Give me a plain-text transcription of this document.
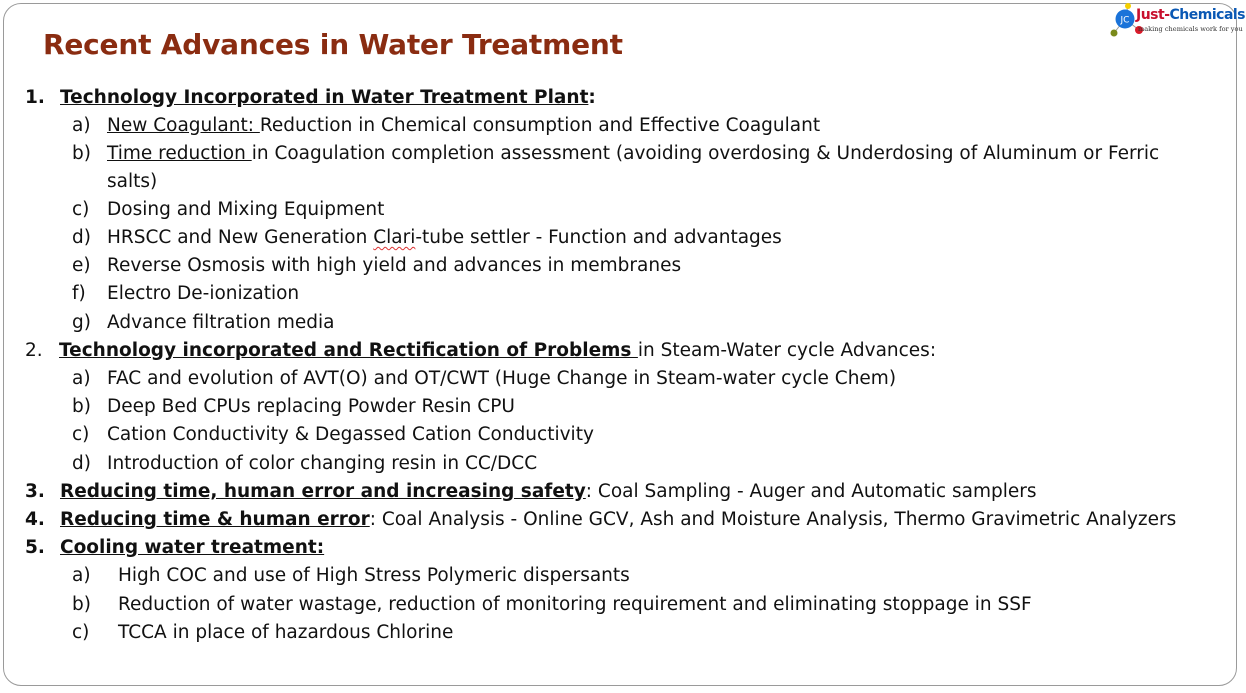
Recent Advances in Water Treatment
JC Just-Chemicals
making chemicals work for you
1. Technology Incorporated in Water Treatment Plant:
a) New Coagulant: Reduction in Chemical consumption and Effective Coagulant
b) Time reduction in Coagulation completion assessment (avoiding overdosing & Underdosing of Aluminum or Ferric
salts)
c) Dosing and Mixing Equipment
d) HRSCC and New Generation Clari-tube settler - Function and advantages
e) Reverse Osmosis with high yield and advances in membranes
f) Electro De-ionization
g) Advance filtration media
2. Technology incorporated and Rectification of Problems in Steam-Water cycle Advances:
a) FAC and evolution of AVT(O) and OT/CWT (Huge Change in Steam-water cycle Chem)
b) Deep Bed CPUs replacing Powder Resin CPU
c) Cation Conductivity & Degassed Cation Conductivity
d) Introduction of color changing resin in CC/DCC
3. Reducing time, human error and increasing safety: Coal Sampling - Auger and Automatic samplers
4. Reducing time & human error: Coal Analysis - Online GCV, Ash and Moisture Analysis, Thermo Gravimetric Analyzers
5. Cooling water treatment:
a) High COC and use of High Stress Polymeric dispersants
b) Reduction of water wastage, reduction of monitoring requirement and eliminating stoppage in SSF
c) TCCA in place of hazardous Chlorine
